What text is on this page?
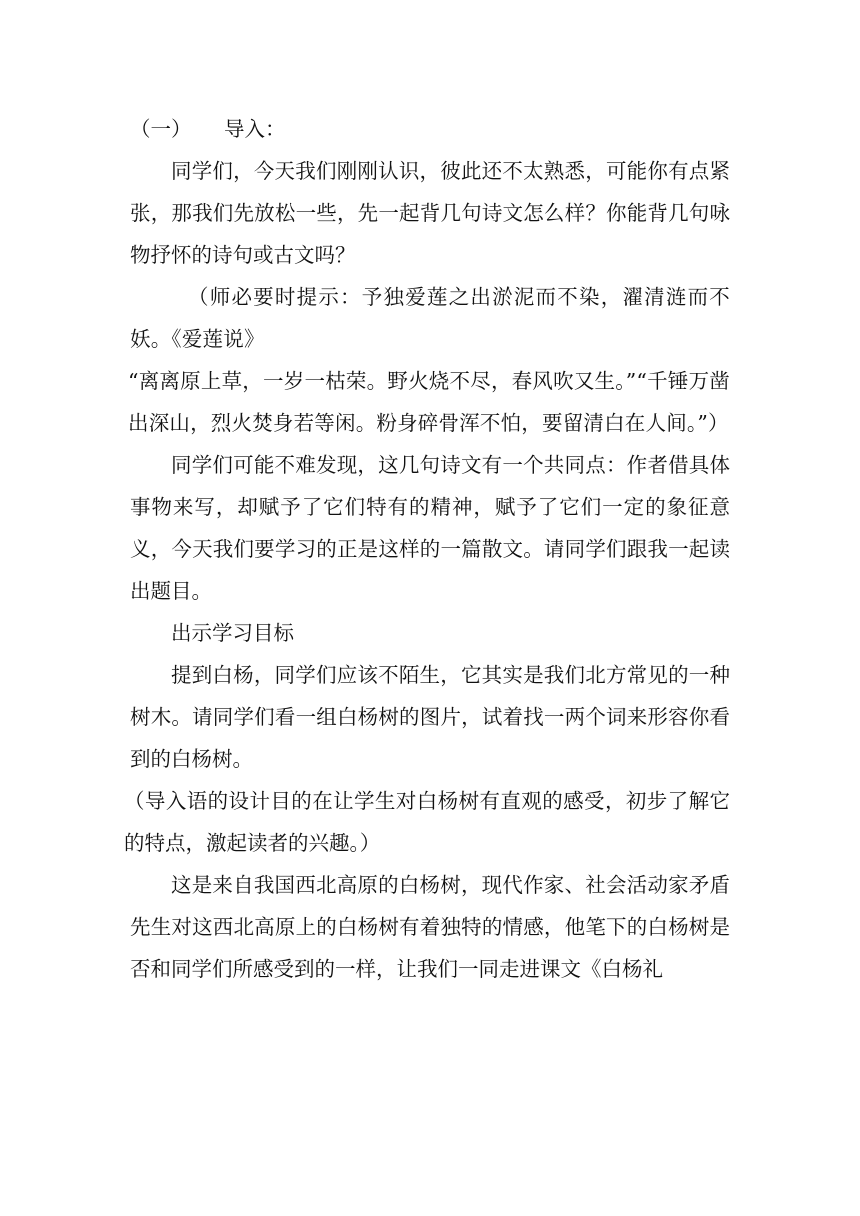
（一）	导入：

同学们，今天我们刚刚认识，彼此还不太熟悉，可能你有点紧张，那我们先放松一些，先一起背几句诗文怎么样？你能背几句咏物抒怀的诗句或古文吗？

（师必要时提示：予独爱莲之出淤泥而不染，濯清涟而不妖。《爱莲说》

“离离原上草，一岁一枯荣。野火烧不尽，春风吹又生。”“千锤万凿出深山，烈火焚身若等闲。粉身碎骨浑不怕，要留清白在人间。”）

同学们可能不难发现，这几句诗文有一个共同点：作者借具体事物来写，却赋予了它们特有的精神，赋予了它们一定的象征意义，今天我们要学习的正是这样的一篇散文。请同学们跟我一起读出题目。

出示学习目标

提到白杨，同学们应该不陌生，它其实是我们北方常见的一种树木。请同学们看一组白杨树的图片，试着找一两个词来形容你看到的白杨树。

（导入语的设计目的在让学生对白杨树有直观的感受，初步了解它的特点，激起读者的兴趣。）

这是来自我国西北高原的白杨树，现代作家、社会活动家矛盾先生对这西北高原上的白杨树有着独特的情感，他笔下的白杨树是否和同学们所感受到的一样，让我们一同走进课文《白杨礼
